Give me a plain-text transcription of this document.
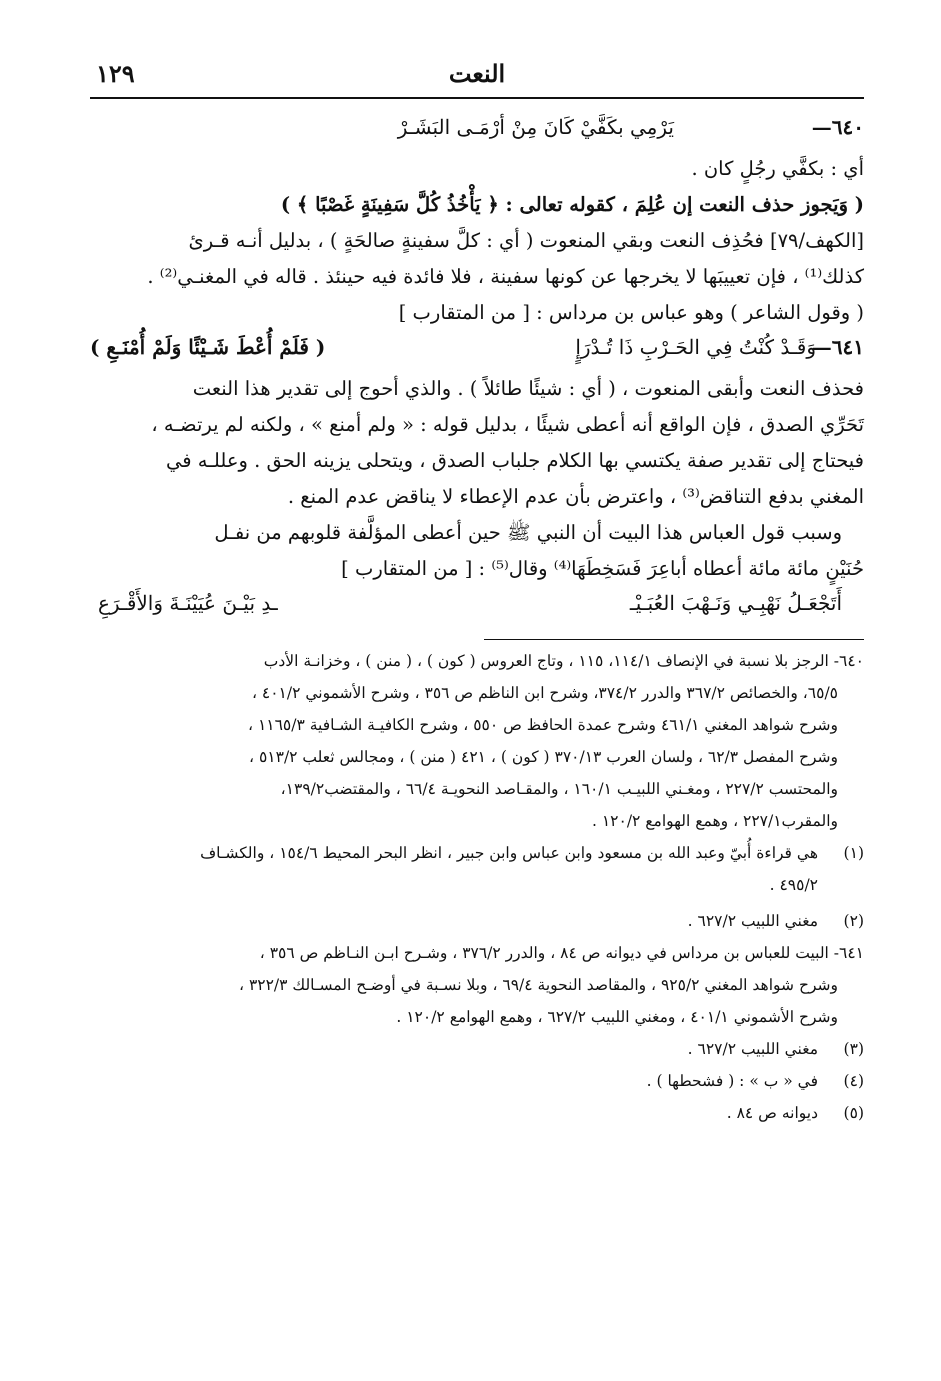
النعت
١٢٩
٦٤٠—
يَرْمِي بكَفَّيْ كَانَ مِنْ أرْمَـى البَشَـرْ

أي : بكفَّي رجُلٍ كان .

( وَيَجوز حذف النعت إن عُلِمَ ، كقوله تعالى : ﴿ يَأْخُذُ كُلَّ سَفِينَةٍ غَصْبًا ﴾ )

[الكهف/٧٩] فحُذِف النعت وبقي المنعوت ( أي : كلَّ سفينةٍ صالحَةٍ ) ، بدليل أنـه قـرئ

كذلك⁽¹⁾ ، فإن تعييبَها لا يخرجها عن كونها سفينة ، فلا فائدة فيه حينئذ . قاله في المغنـي⁽²⁾ .

( وقول الشاعر ) وهو عباس بن مرداس : [ من المتقارب ]

٦٤١—
وَقَـدْ كُنْتُ فِي الحَـرْبِ ذَا تُـدْرَإٍ
( فَلَمْ أُعْطَ شَـيْئًا وَلَمْ أُمْنَـعِ )

فحذف النعت وأبقى المنعوت ، ( أي : شيئًا طائلاً ) . والذي أحوج إلى تقدير هذا النعت

تَحَرِّي الصدق ، فإن الواقع أنه أعطى شيئًا ، بدليل قوله : « ولم أمنع » ، ولكنه لم يرتضـه ،

فيحتاج إلى تقدير صفة يكتسي بها الكلام جلباب الصدق ، ويتحلى يزينه الحق . وعللـه في

المغني بدفع التناقض⁽³⁾ ، واعترض بأن عدم الإعطاء لا يناقض عدم المنع .

وسبب قول العباس هذا البيت أن النبي ﷺ حين أعطى المؤلَّفة قلوبهم من نفـل

حُنَيْنٍ مائة مائة أعطاه أباعِرَ فَسَخِطَهَا⁽⁴⁾ وقال⁽⁵⁾ : [ من المتقارب ]

أَتَجْعَـلُ نَهْبِـي وَنَـهْبَ العُبَـيْـ
ـدِ بَيْـنَ عُيَيْنَـةَ وَالأَقْـرَعِ

٦٤٠- الرجز بلا نسبة في الإنصاف ١١٤/١، ١١٥ ، وتاج العروس ( كون ) ، ( منن ) ، وخزانـة الأدب

٦٥/٥، والخصائص ٣٦٧/٢ والدرر ٣٧٤/٢، وشرح ابن الناظم ص ٣٥٦ ، وشرح الأشموني ٤٠١/٢ ،

وشرح شواهد المغني ٤٦١/١ وشرح عمدة الحافظ ص ٥٥٠ ، وشرح الكافيـة الشـافية ١١٦٥/٣ ،

وشرح المفصل ٦٢/٣ ، ولسان العرب ٣٧٠/١٣ ( كون ) ، ٤٢١ ( منن ) ، ومجالس ثعلب ٥١٣/٢ ،

والمحتسب ٢٢٧/٢ ، ومغـني اللبيـب ١٦٠/١ ، والمقـاصد النحويـة ٦٦/٤ ، والمقتضب١٣٩/٢،

والمقرب٢٢٧/١ ، وهمع الهوامع ١٢٠/٢ .

(١)هي قراءة أُبيّ وعبد الله بن مسعود وابن عباس وابن جبير ، انظر البحر المحيط ١٥٤/٦ ، والكشـاف

٤٩٥/٢ .

(٢)مغني اللبيب ٦٢٧/٢ .

٦٤١- البيت للعباس بن مرداس في ديوانه ص ٨٤ ، والدرر ٣٧٦/٢ ، وشـرح ابـن النـاظم ص ٣٥٦ ،

وشرح شواهد المغني ٩٢٥/٢ ، والمقاصد النحوية ٦٩/٤ ، وبلا نسـبة في أوضـح المسـالك ٣٢٢/٣ ،

وشرح الأشموني ٤٠١/١ ، ومغني اللبيب ٦٢٧/٢ ، وهمع الهوامع ١٢٠/٢ .

(٣)مغني اللبيب ٦٢٧/٢ .

(٤)في « ب » : ( فشحطها ) .

(٥)ديوانه ص ٨٤ .
